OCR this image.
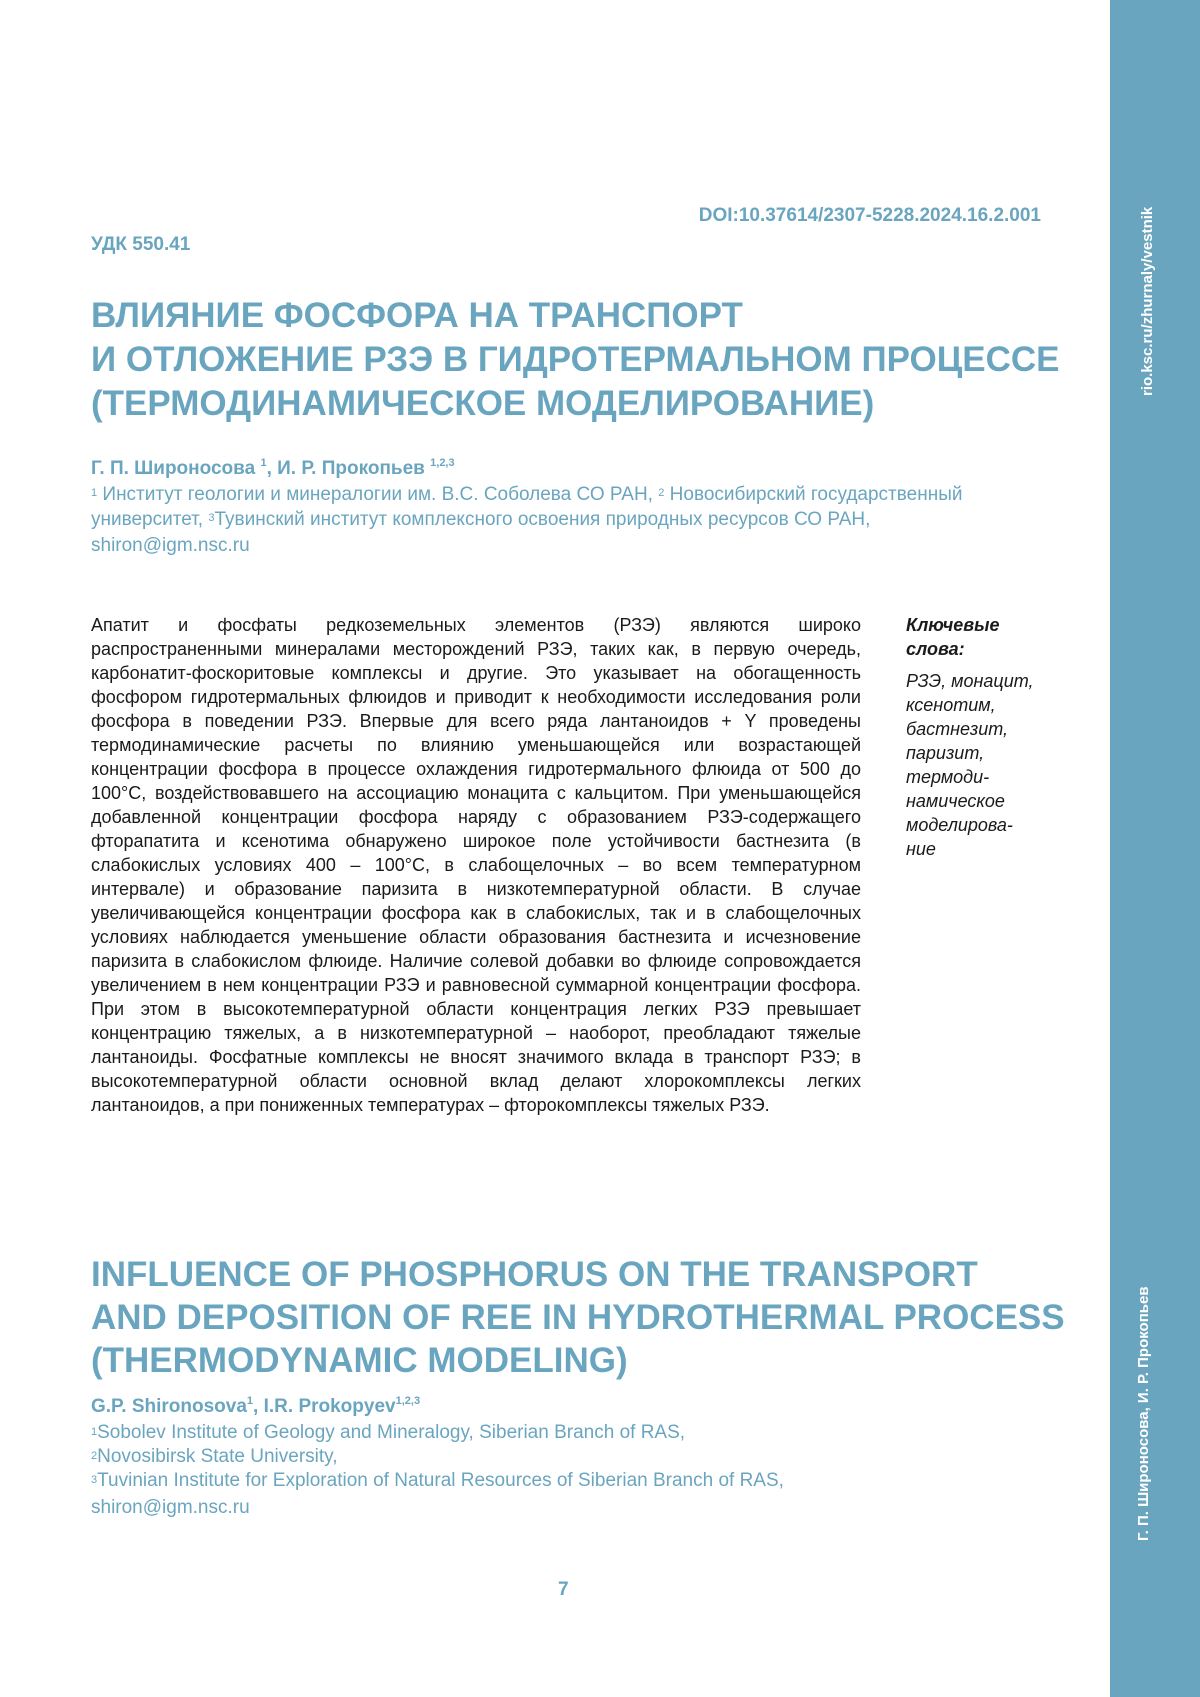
rio.ksc.ru/zhurnaly/vestnik
Г. П. Широносова, И. Р. Прокопьев
DOI:10.37614/2307-5228.2024.16.2.001
УДК 550.41
ВЛИЯНИЕ ФОСФОРА НА ТРАНСПОРТ
И ОТЛОЖЕНИЕ РЗЭ В ГИДРОТЕРМАЛЬНОМ ПРОЦЕССЕ
(ТЕРМОДИНАМИЧЕСКОЕ МОДЕЛИРОВАНИЕ)
Г. П. Широносова 1, И. Р. Прокопьев 1,2,3
1 Институт геологии и минералогии им. В.С. Соболева СО РАН, 2 Новосибирский государственный университет, 3Тувинский институт комплексного освоения природных ресурсов СО РАН,
shiron@igm.nsc.ru
Апатит и фосфаты редкоземельных элементов (РЗЭ) являются широко распространенными минералами месторождений РЗЭ, таких как, в первую очередь, карбонатит-фоскоритовые комплексы и другие. Это указывает на обогащенность фосфором гидротермальных флюидов и приводит к необходимости исследования роли фосфора в поведении РЗЭ. Впервые для всего ряда лантаноидов + Y проведены термодинамические расчеты по влиянию уменьшающейся или возрастающей концентрации фосфора в процессе охлаждения гидротермального флюида от 500 до 100°C, воздействовавшего на ассоциацию монацита с кальцитом. При уменьшающейся добавленной концентрации фосфора наряду с образованием РЗЭ-содержащего фторапатита и ксенотима обнаружено широкое поле устойчивости бастнезита (в слабокислых условиях 400 – 100°C, в слабощелочных – во всем температурном интервале) и образование паризита в низкотемпературной области. В случае увеличивающейся концентрации фосфора как в слабокислых, так и в слабощелочных условиях наблюдается уменьшение области образования бастнезита и исчезновение паризита в слабокислом флюиде. Наличие солевой добавки во флюиде сопровождается увеличением в нем концентрации РЗЭ и равновесной суммарной концентрации фосфора. При этом в высокотемпературной области концентрация легких РЗЭ превышает концентрацию тяжелых, а в низкотемпературной – наоборот, преобладают тяжелые лантаноиды. Фосфатные комплексы не вносят значимого вклада в транспорт РЗЭ; в высокотемпературной области основной вклад делают хлорокомплексы легких лантаноидов, а при пониженных температурах – фторокомплексы тяжелых РЗЭ.
Ключевые слова:
РЗЭ, монацит,
ксенотим,
бастнезит,
паризит,
термоди-
намическое
моделирова-
ние
INFLUENCE OF PHOSPHORUS ON THE TRANSPORT
AND DEPOSITION OF REE IN HYDROTHERMAL PROCESS
(THERMODYNAMIC MODELING)
G.P. Shironosova1, I.R. Prokopyev1,2,3
1Sobolev Institute of Geology and Mineralogy, Siberian Branch of RAS,
2Novosibirsk State University,
3Tuvinian Institute for Exploration of Natural Resources of Siberian Branch of RAS,
shiron@igm.nsc.ru
7
